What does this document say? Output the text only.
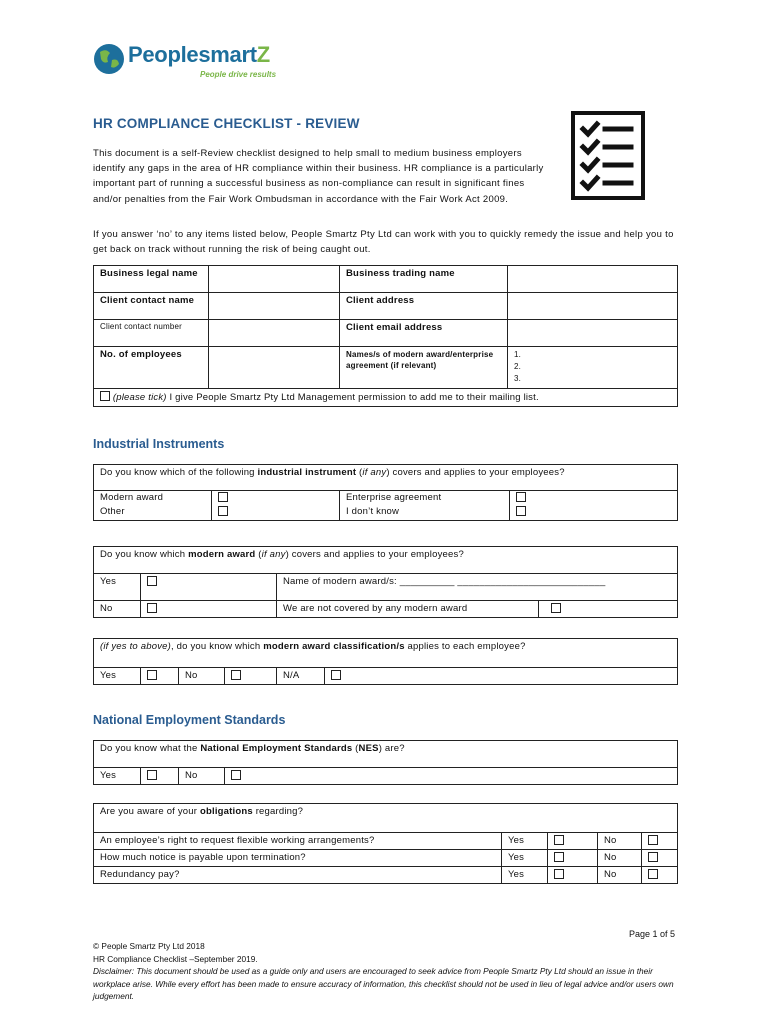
PeoplesmartZ
People drive results
HR COMPLIANCE CHECKLIST - REVIEW
This document is a self-Review checklist designed to help small to medium business employers identify any gaps in the area of HR compliance within their business. HR compliance is a particularly important part of running a successful business as non-compliance can result in significant fines and/or penalties from the Fair Work Ombudsman in accordance with the Fair Work Act 2009.
If you answer ‘no’ to any items listed below, People Smartz Pty Ltd can work with you to quickly remedy the issue and help you to get back on track without running the risk of being caught out.
Business legal name		Business trading name	
Client contact name		Client address	
Client contact number		Client email address	
No. of employees		Names/s of modern award/enterprise agreement (if relevant)	1.
2.
3.

(please tick) I give People Smartz Pty Ltd Management permission to add me to their mailing list.			
Industrial Instruments
Do you know which of the following industrial instrument (if any) covers and applies to your employees?			
Modern award		Enterprise agreement	
Other		I don’t know	
Do you know which modern award (if any) covers and applies to your employees?			
Yes		Name of modern award/s: __________ ___________________________	
No		We are not covered by any modern award	
(if yes to above), do you know which modern award classification/s applies to each employee?
Yes		No		N/A	
National Employment Standards
Do you know what the National Employment Standards (NES) are?
Yes		No	
Are you aware of your obligations regarding?				
An employee’s right to request flexible working arrangements?	Yes		No	
How much notice is payable upon termination?	Yes		No	
Redundancy pay?	Yes		No	
Page 1 of 5
© People Smartz Pty Ltd 2018
HR Compliance Checklist –September 2019.
Disclaimer: This document should be used as a guide only and users are encouraged to seek advice from People Smartz Pty Ltd should an issue in their workplace arise. While every effort has been made to ensure accuracy of information, this checklist should not be used in lieu of legal advice and/or users own judgement.
